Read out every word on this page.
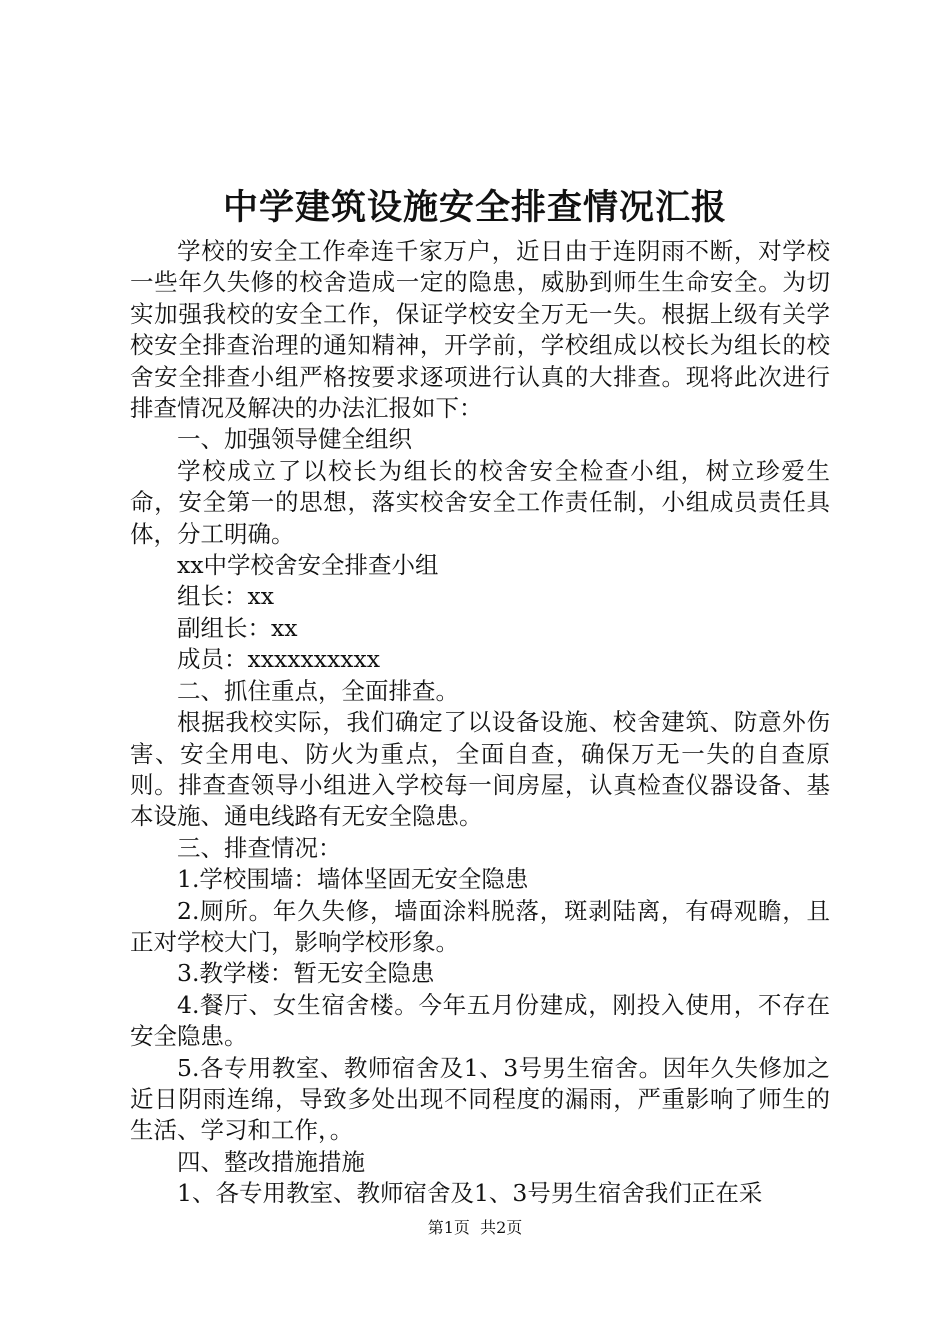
中学建筑设施安全排查情况汇报

学校的安全工作牵连千家万户，近日由于连阴雨不断，对学校一些年久失修的校舍造成一定的隐患，威胁到师生生命安全。为切实加强我校的安全工作，保证学校安全万无一失。根据上级有关学校安全排查治理的通知精神，开学前，学校组成以校长为组长的校舍安全排查小组严格按要求逐项进行认真的大排查。现将此次进行排查情况及解决的办法汇报如下：

一、加强领导健全组织

学校成立了以校长为组长的校舍安全检查小组，树立珍爱生命，安全第一的思想，落实校舍安全工作责任制，小组成员责任具体，分工明确。

xx中学校舍安全排查小组

组长：xx

副组长：xx

成员：xxxxxxxxxx

二、抓住重点，全面排查。

根据我校实际，我们确定了以设备设施、校舍建筑、防意外伤害、安全用电、防火为重点，全面自查，确保万无一失的自查原则。排查查领导小组进入学校每一间房屋，认真检查仪器设备、基本设施、通电线路有无安全隐患。

三、排查情况：

1.学校围墙：墙体坚固无安全隐患

2.厕所。年久失修，墙面涂料脱落，斑剥陆离，有碍观瞻，且正对学校大门，影响学校形象。

3.教学楼：暂无安全隐患

4.餐厅、女生宿舍楼。今年五月份建成，刚投入使用，不存在安全隐患。

5.各专用教室、教师宿舍及1、3号男生宿舍。因年久失修加之近日阴雨连绵，导致多处出现不同程度的漏雨，严重影响了师生的生活、学习和工作，。

四、整改措施措施

1、各专用教室、教师宿舍及1、3号男生宿舍我们正在采

第1页  共2页
